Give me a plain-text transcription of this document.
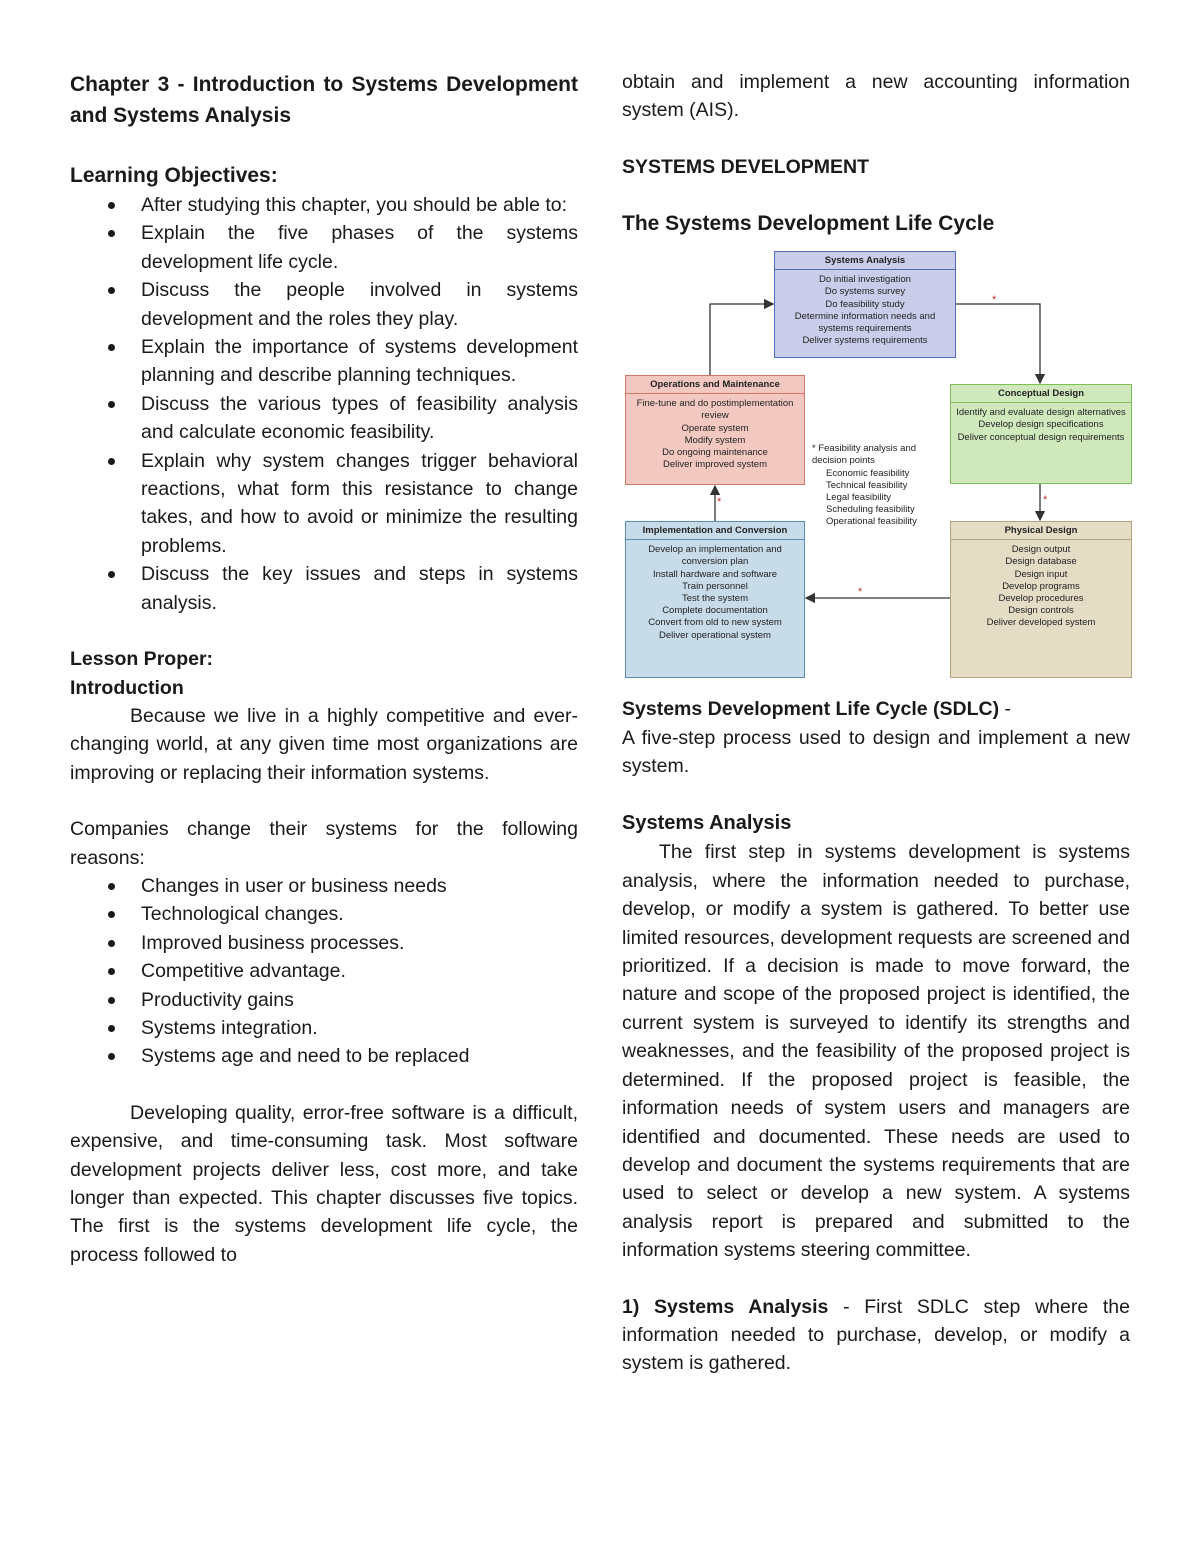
Chapter 3 - Introduction to Systems Development and Systems Analysis

Learning Objectives:

After studying this chapter, you should be able to:
Explain the five phases of the systems development life cycle.
Discuss the people involved in systems development and the roles they play.
Explain the importance of systems development planning and describe planning techniques.
Discuss the various types of feasibility analysis and calculate economic feasibility.
Explain why system changes trigger behavioral reactions, what form this resistance to change takes, and how to avoid or minimize the resulting problems.
Discuss the key issues and steps in systems analysis.

Lesson Proper:

Introduction

Because we live in a highly competitive and ever-changing world, at any given time most organizations are improving or replacing their information systems.

Companies change their systems for the following reasons:

Changes in user or business needs
Technological changes.
Improved business processes.
Competitive advantage.
Productivity gains
Systems integration.
Systems age and need to be replaced

Developing quality, error-free software is a difficult, expensive, and time-consuming task. Most software development projects deliver less, cost more, and take longer than expected. This chapter discusses five topics. The first is the systems development life cycle, the process followed to

obtain and implement a new accounting information system (AIS).

SYSTEMS DEVELOPMENT

The Systems Development Life Cycle

*
*
*
*
Systems Analysis
Do initial investigation
Do systems survey
Do feasibility study
Determine information needs and systems requirements
Deliver systems requirements
Conceptual Design
Identify and evaluate design alternatives
Develop design specifications
Deliver conceptual design requirements
Operations and Maintenance
Fine-tune and do postimplementation review
Operate system
Modify system
Do ongoing maintenance
Deliver improved system
* Feasibility analysis and decision points
Economic feasibility
Technical feasibility
Legal feasibility
Scheduling feasibility
Operational feasibility
Implementation and Conversion
Develop an implementation and conversion plan
Install hardware and software
Train personnel
Test the system
Complete documentation
Convert from old to new system
Deliver operational system
Physical Design
Design output
Design database
Design input
Develop programs
Develop procedures
Design controls
Deliver developed system

Systems Development Life Cycle (SDLC) -

A five-step process used to design and implement a new system.

Systems Analysis

The first step in systems development is systems analysis, where the information needed to purchase, develop, or modify a system is gathered. To better use limited resources, development requests are screened and prioritized. If a decision is made to move forward, the nature and scope of the proposed project is identified, the current system is surveyed to identify its strengths and weaknesses, and the feasibility of the proposed project is determined. If the proposed project is feasible, the information needs of system users and managers are identified and documented. These needs are used to develop and document the systems requirements that are used to select or develop a new system. A systems analysis report is prepared and submitted to the information systems steering committee.

1) Systems Analysis - First SDLC step where the information needed to purchase, develop, or modify a system is gathered.
